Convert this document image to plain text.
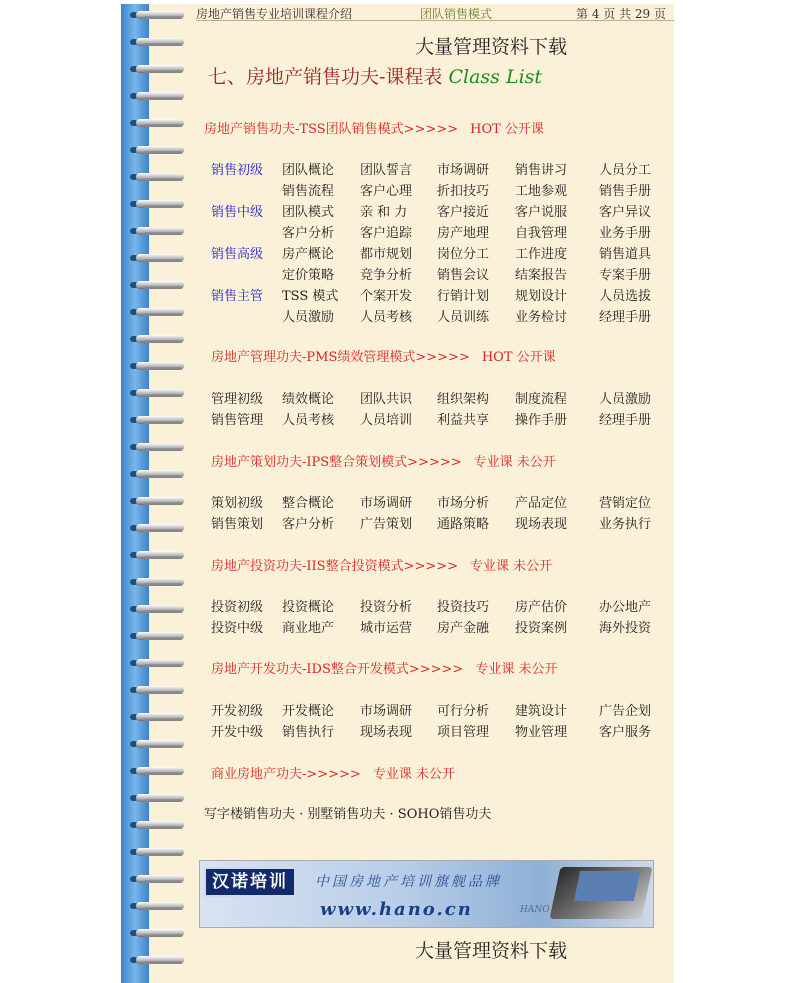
房地产销售专业培训课程介绍	团队销售模式	第 4 页 共 29 页
大量管理资料下载
七、房地产销售功夫-课程表 Class List
房地产销售功夫-TSS团队销售模式>>>>> HOT 公开课
销售初级 团队概论 团队誓言 市场调研 销售讲习 人员分工
销售流程 客户心理 折扣技巧 工地参观 销售手册
销售中级 团队模式 亲 和 力 客户接近 客户说服 客户异议
客户分析 客户追踪 房产地理 自我管理 业务手册
销售高级 房产概论 都市规划 岗位分工 工作进度 销售道具
定价策略 竞争分析 销售会议 结案报告 专案手册
销售主管 TSS 模式 个案开发 行销计划 规划设计 人员选拔
人员激励 人员考核 人员训练 业务检讨 经理手册
房地产管理功夫-PMS绩效管理模式>>>>> HOT 公开课
管理初级 绩效概论 团队共识 组织架构 制度流程 人员激励
销售管理 人员考核 人员培训 利益共享 操作手册 经理手册
房地产策划功夫-IPS整合策划模式>>>>> 专业课 未公开
策划初级 整合概论 市场调研 市场分析 产品定位 营销定位
销售策划 客户分析 广告策划 通路策略 现场表现 业务执行
房地产投资功夫-IIS整合投资模式>>>>> 专业课 未公开
投资初级 投资概论 投资分析 投资技巧 房产估价 办公地产
投资中级 商业地产 城市运营 房产金融 投资案例 海外投资
房地产开发功夫-IDS整合开发模式>>>>> 专业课 未公开
开发初级 开发概论 市场调研 可行分析 建筑设计 广告企划
开发中级 销售执行 现场表现 项目管理 物业管理 客户服务
商业房地产功夫->>>>> 专业课 未公开
写字楼销售功夫 · 别墅销售功夫 · SOHO销售功夫
汉诺培训	中国房地产培训旗舰品牌
www.hano.cn	HANO
大量管理资料下载
